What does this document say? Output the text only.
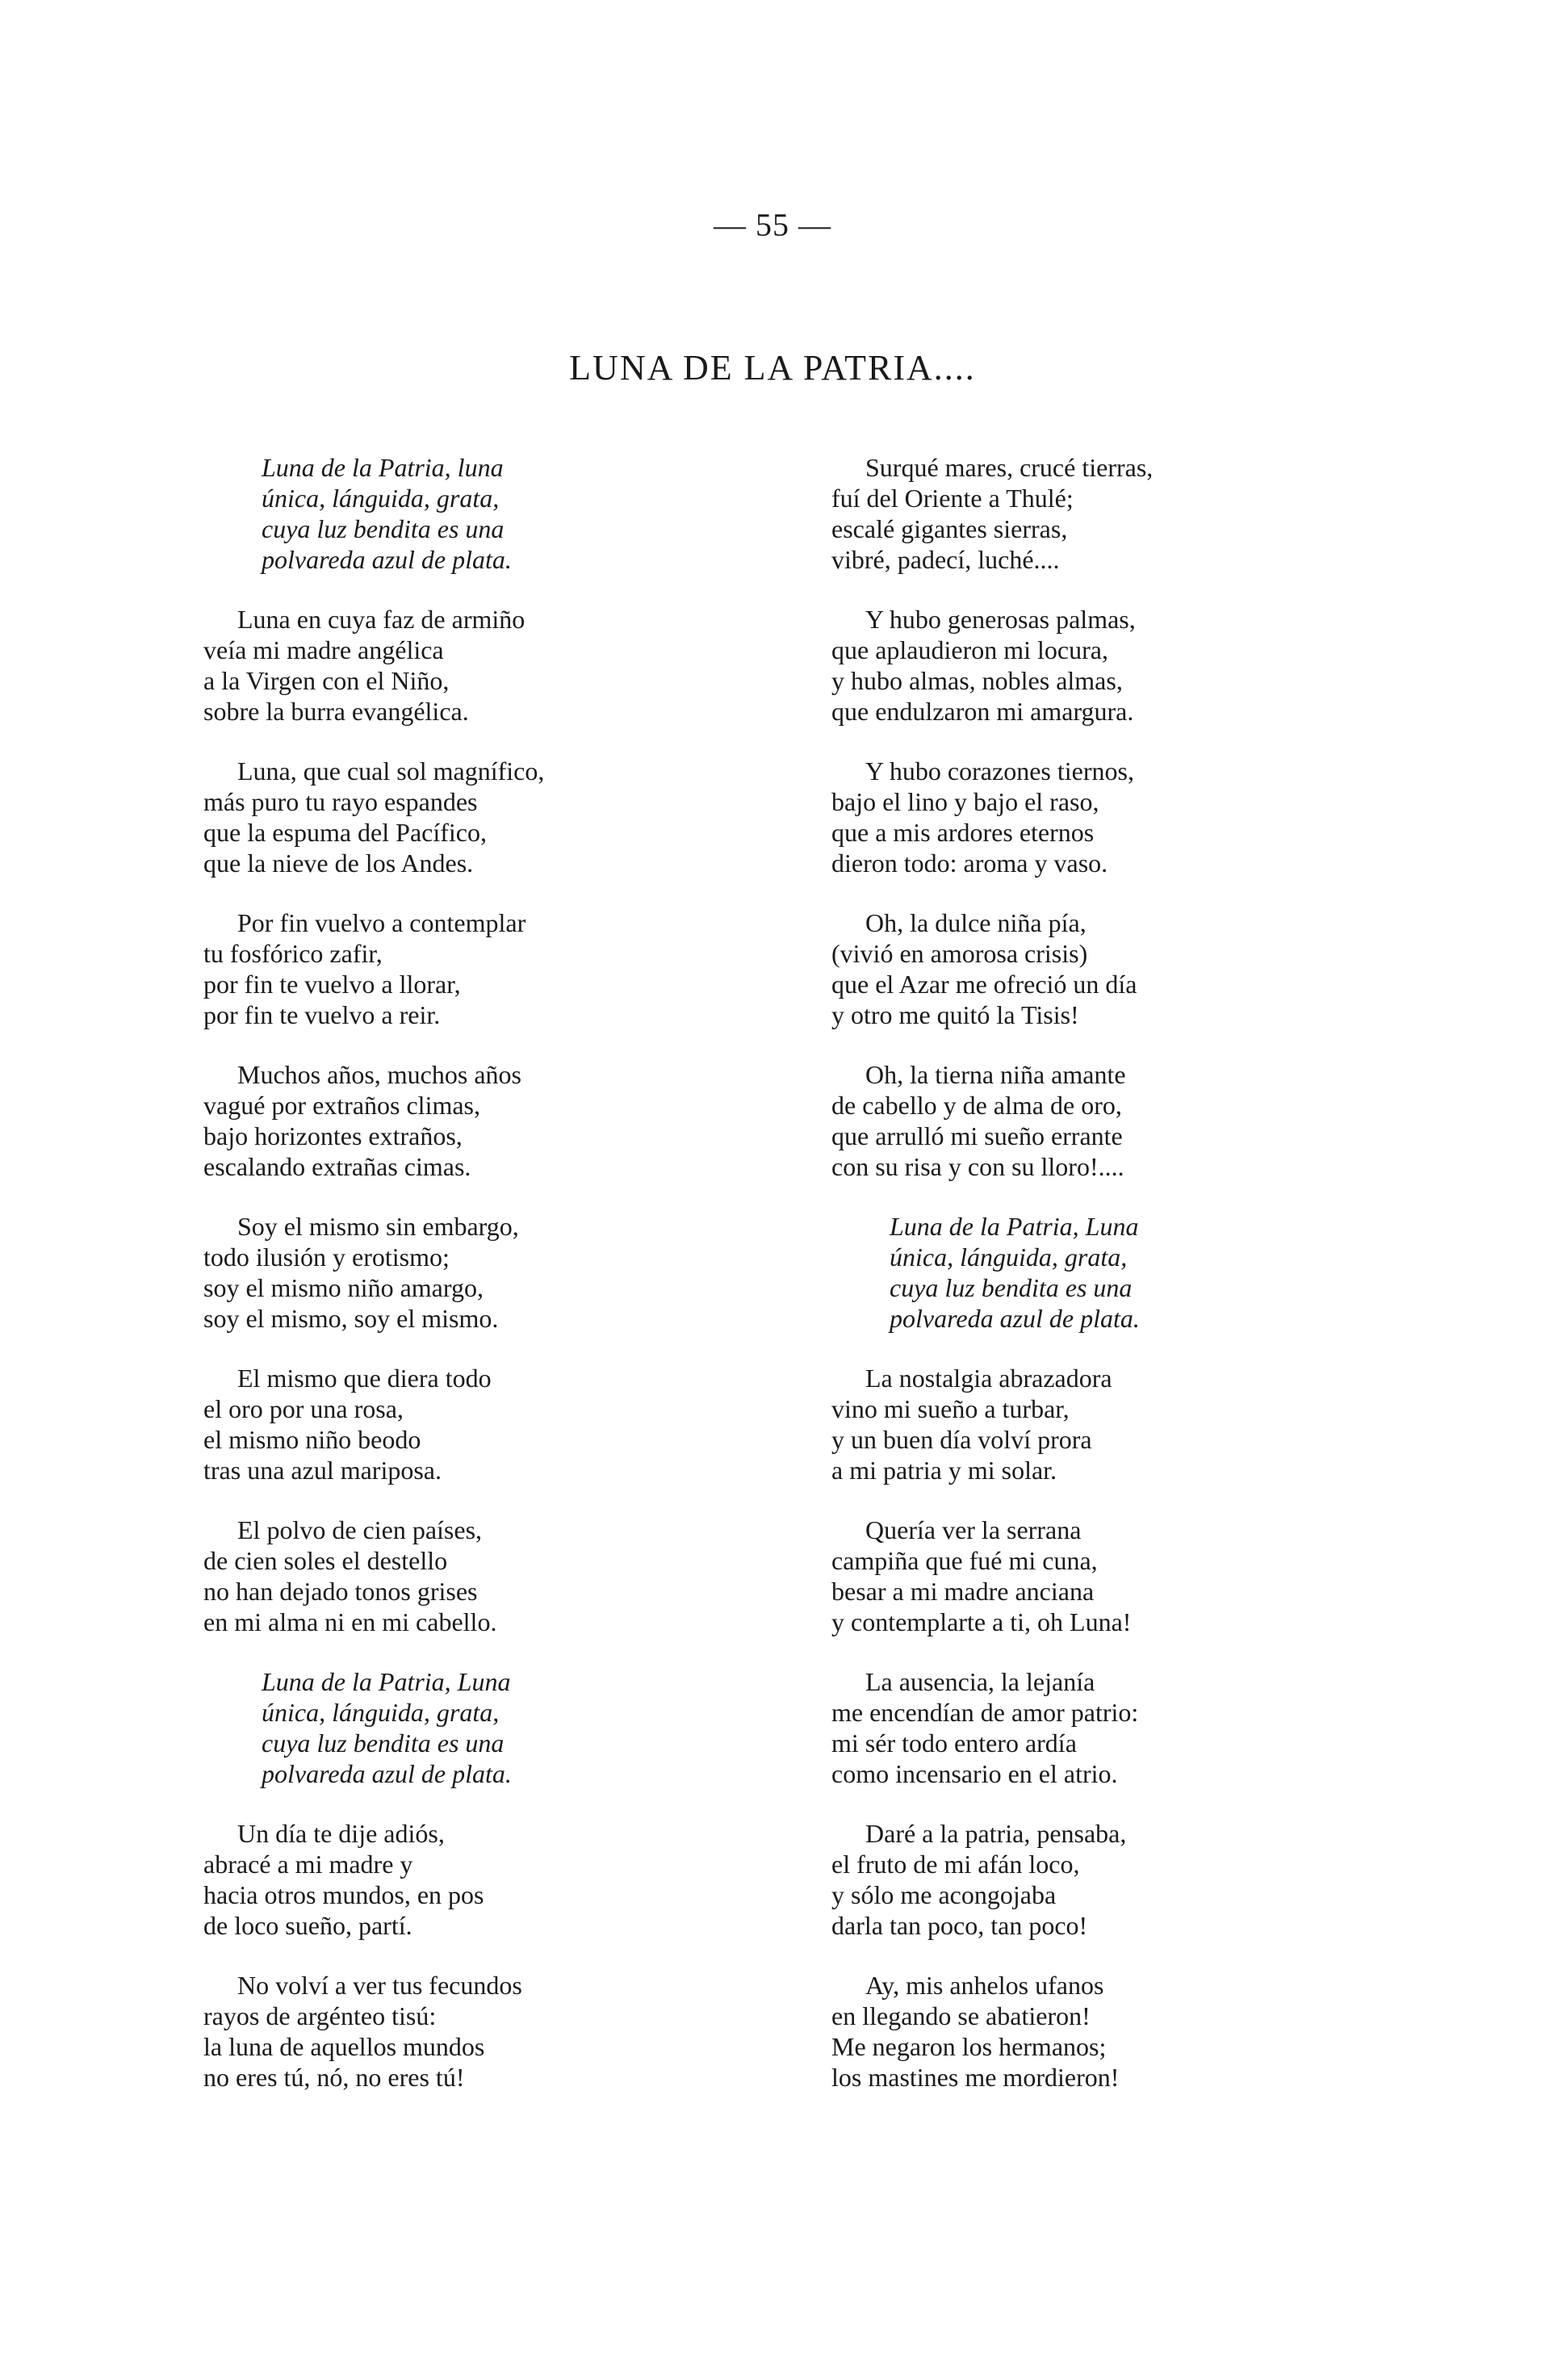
— 55 —
LUNA DE LA PATRIA....
Luna de la Patria, luna
única, lánguida, grata,
cuya luz bendita es una
polvareda azul de plata.
Luna en cuya faz de armiño
veía mi madre angélica
a la Virgen con el Niño,
sobre la burra evangélica.
Luna, que cual sol magnífico,
más puro tu rayo espandes
que la espuma del Pacífico,
que la nieve de los Andes.
Por fin vuelvo a contemplar
tu fosfórico zafir,
por fin te vuelvo a llorar,
por fin te vuelvo a reir.
Muchos años, muchos años
vagué por extraños climas,
bajo horizontes extraños,
escalando extrañas cimas.
Soy el mismo sin embargo,
todo ilusión y erotismo;
soy el mismo niño amargo,
soy el mismo, soy el mismo.
El mismo que diera todo
el oro por una rosa,
el mismo niño beodo
tras una azul mariposa.
El polvo de cien países,
de cien soles el destello
no han dejado tonos grises
en mi alma ni en mi cabello.
Luna de la Patria, Luna
única, lánguida, grata,
cuya luz bendita es una
polvareda azul de plata.
Un día te dije adiós,
abracé a mi madre y
hacia otros mundos, en pos
de loco sueño, partí.
No volví a ver tus fecundos
rayos de argénteo tisú:
la luna de aquellos mundos
no eres tú, nó, no eres tú!
Surqué mares, crucé tierras,
fuí del Oriente a Thulé;
escalé gigantes sierras,
vibré, padecí, luché....
Y hubo generosas palmas,
que aplaudieron mi locura,
y hubo almas, nobles almas,
que endulzaron mi amargura.
Y hubo corazones tiernos,
bajo el lino y bajo el raso,
que a mis ardores eternos
dieron todo: aroma y vaso.
Oh, la dulce niña pía,
(vivió en amorosa crisis)
que el Azar me ofreció un día
y otro me quitó la Tisis!
Oh, la tierna niña amante
de cabello y de alma de oro,
que arrulló mi sueño errante
con su risa y con su lloro!....
Luna de la Patria, Luna
única, lánguida, grata,
cuya luz bendita es una
polvareda azul de plata.
La nostalgia abrazadora
vino mi sueño a turbar,
y un buen día volví prora
a mi patria y mi solar.
Quería ver la serrana
campiña que fué mi cuna,
besar a mi madre anciana
y contemplarte a ti, oh Luna!
La ausencia, la lejanía
me encendían de amor patrio:
mi sér todo entero ardía
como incensario en el atrio.
Daré a la patria, pensaba,
el fruto de mi afán loco,
y sólo me acongojaba
darla tan poco, tan poco!
Ay, mis anhelos ufanos
en llegando se abatieron!
Me negaron los hermanos;
los mastines me mordieron!
